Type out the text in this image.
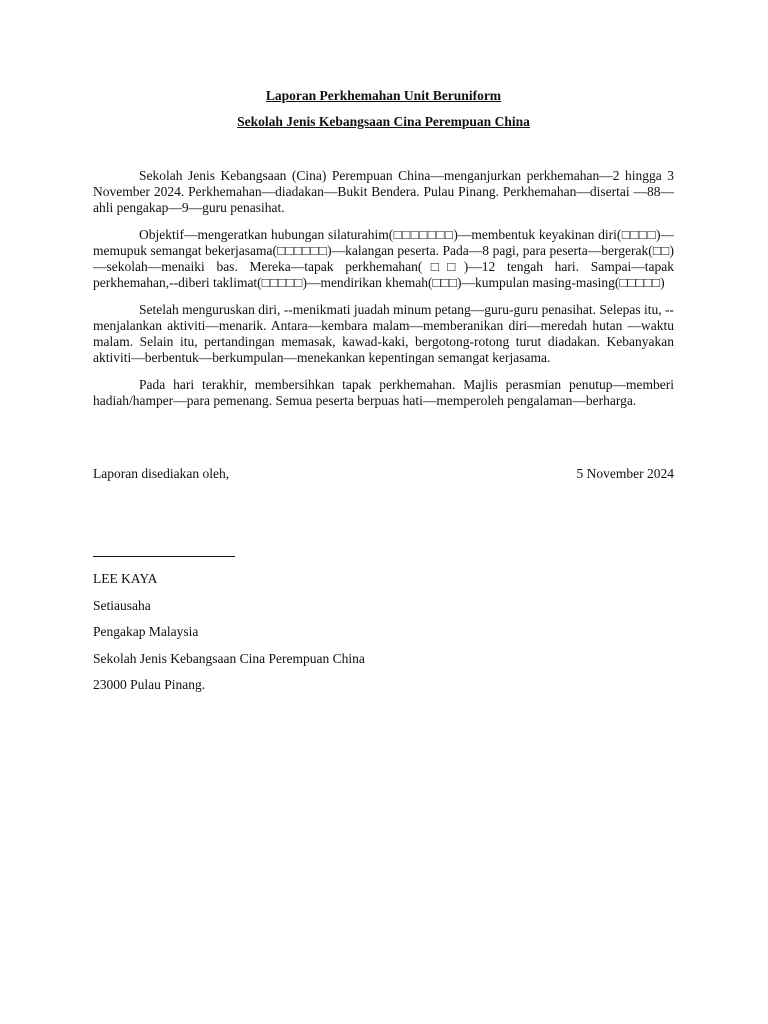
Laporan Perkhemahan Unit Beruniform
Sekolah Jenis Kebangsaan Cina Perempuan China

Sekolah Jenis Kebangsaan (Cina) Perempuan China—menganjurkan perkhemahan—2 hingga 3 November 2024. Perkhemahan—diadakan—Bukit Bendera. Pulau Pinang. Perkhemahan—disertai —88—ahli pengakap—9—guru penasihat.

Objektif—mengeratkan hubungan silaturahim(□□□□□□□)—membentuk keyakinan diri(□□□□)—memupuk semangat bekerjasama(□□□□□□)—kalangan peserta. Pada—8 pagi, para peserta—bergerak(□□)—sekolah—menaiki bas. Mereka—tapak perkhemahan(□□)—12 tengah hari. Sampai—tapak perkhemahan,--diberi taklimat(□□□□□)—mendirikan khemah(□□□)—kumpulan masing-masing(□□□□□)

Setelah menguruskan diri, --menikmati juadah minum petang—guru-guru penasihat. Selepas itu, --menjalankan aktiviti—menarik. Antara—kembara malam—memberanikan diri—meredah hutan —waktu malam. Selain itu, pertandingan memasak, kawad-kaki, bergotong-rotong turut diadakan. Kebanyakan aktiviti—berbentuk—berkumpulan—menekankan kepentingan semangat kerjasama.

Pada hari terakhir, membersihkan tapak perkhemahan. Majlis perasmian penutup—memberi hadiah/hamper—para pemenang. Semua peserta berpuas hati—memperoleh pengalaman—berharga.

Laporan disediakan oleh,	5 November 2024
LEE KAYA
Setiausaha
Pengakap Malaysia
Sekolah Jenis Kebangsaan Cina Perempuan China
23000 Pulau Pinang.
